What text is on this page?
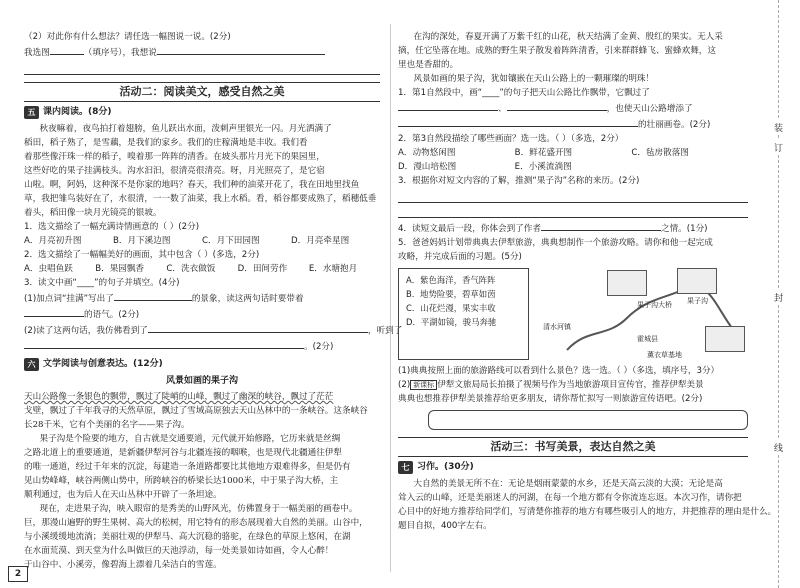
（2）对此你有什么想法？请任选一幅图说一说。(2分)
我选图	（填序号），我想说
活动二：阅读美文，感受自然之美
五 课内阅读。(8分)
秋夜嘛着，夜鸟拍打着翅膀，鱼儿跃出水面，泼刺声里银光一闪。月光洒满了
稻田，稻子熟了，是雪藕，是我们的家乡。我们的庄稼满地是丰收。我们看
着那些像汗珠一样的稻子，嗅着那一阵阵的清香。在坡头那片月光下的果园里，
这些好吃的果子挂满枝头。沟水汩汩，很清亮很清亮。呀，月光照亮了，是它宿
山啦。啊，阿妈，这种深不是你家的地吗？春天，我们种的油菜开花了，我在田地里找鱼
草，我把雏鸟装好在了，水很清，一一数了油菜，我上水稻。看，稻谷都要成熟了，稻穗低垂
着头，稻田像一块月光镜亮的银坡。
1．选文描绘了一幅充满诗情画意的（ ）(2分)
A．月亮初升图	B．月下溪边图	C．月下田园图	D．月亮牵星图
2．选文描绘了一幅幅美好的画面，其中包含（ ）(多选，2分)
A．虫唱鱼跃	B．果园飘香	C．洗衣做饭	D．田间劳作	E．水塘抱月
3．读文中画“____”的句子并填空。(4分)
(1)加点词“挂满”写出了	的景象，读这两句话时要带着
的语气。(2分)
(2)读了这两句话，我仿佛看到了	，听到了
。(2分)
六 文学阅读与创意表达。(12分)
风景如画的果子沟
天山公路像一条银色的飘带，飘过了陡峭的山峰，飘过了幽深的峡谷，飘过了茫茫
戈壁，飘过了千年我寻的天然草原，飘过了雪域高原独去天山丛林中的一条峡谷。这条峡谷
长28千米，它有个美丽的名字——果子沟。
果子沟是个险要的地方，自古就是交通要道，元代就开始修路，它历来就是丝绸
之路北道上的重要通道，是新疆伊犁河谷与北疆连接的咽喉，也是现代北疆通往伊犁
的唯一通道，经过千年来的沉淀，每建造一条道路都要比其他地方艰难得多，但是仍有
见山势峰峰，峡谷两侧山势中，所跨峡谷的桥梁长达1000米，中于果子沟大桥，主
顺利通过，也为后人在天山丛林中开辟了一条坦途。
现在，走进果子沟，映入眼帘的是秀美的山野风光，仿佛置身于一幅美丽的画卷中。
巨，那漫山遍野的野生果树、高大的松树，用它特有的形态展现着大自然的美丽。山谷中，
与小溪缓缓地流淌；美丽壮观的伊犁马、高大沉稳的骆驼，在绿色的草原上悠闲，在湖
在水面荒漠、到天堂为什么叫做巨的天池浮动，每一处美景如诗如画，令人心醉！
于山谷中、小溪旁，像碧海上漂着几朵洁白的雪莲。
2
在沟的深处，春夏开满了万紫千红的山花，秋天结满了金黄、殷红的果实。无人采
摘，任它坠落在地。成熟的野生果子散发着阵阵清香，引来群群蜂飞、蜜蜂欢舞，这
里也是香甜的。
风景如画的果子沟，犹如镶嵌在天山公路上的一颗璀璨的明珠！
1．第1自然段中，画“____”的句子把天山公路比作飘带，它飘过了
、	，也使天山公路增添了
的壮丽画卷。(2分)
2．第3自然段描绘了哪些画面？选一选。（ ）（多选，2分）
A．动物悠闲图	B．鲜花盛开图	C．毡房散落图
D．漫山培松图	E．小溪流淌图
3．根据你对短文内容的了解，推测“果子沟”名称的来历。(2分)
4．读短文最后一段，你体会到了作者	之情。(1分)
5．爸爸妈妈计划带典典去伊犁旅游，典典想制作一个旅游攻略。请你和他一起完成
攻略，并完成后面的习题。(5分)
A．紫色海洋，香气阵阵
B．地势险要，碧草如茵
C．山花烂漫，果实丰收
D．平湖如镜，骏马奔驰
果子沟大桥 果子沟
清水河镇
霍城县
薰衣草基地
(1)典典按照上面的旅游路线可以看到什么景色？选一选。（ ）（多选，填序号，3分）
(2) 新课标 伊犁文旅局局长拍摄了视频号作为当地旅游项目宣传官，推荐伊犁美景
典典也想推荐伊犁美景推荐给更多朋友，请你帮忙拟写一则旅游宣传语吧。(2分)
活动三：书写美景，表达自然之美
七 习作。(30分)
大自然的美景无所不在：无论是烟雨蒙蒙的水乡，还是天高云淡的大漠；无论是高
耸入云的山峰，还是美丽迷人的河湖，在每一个地方都有令你流连忘返。本次习作，请你把
心目中的好地方推荐给同学们，写清楚你推荐的地方有哪些吸引人的地方，并把推荐的理由是什么。
题目自拟，400字左右。
装
订
封
线
